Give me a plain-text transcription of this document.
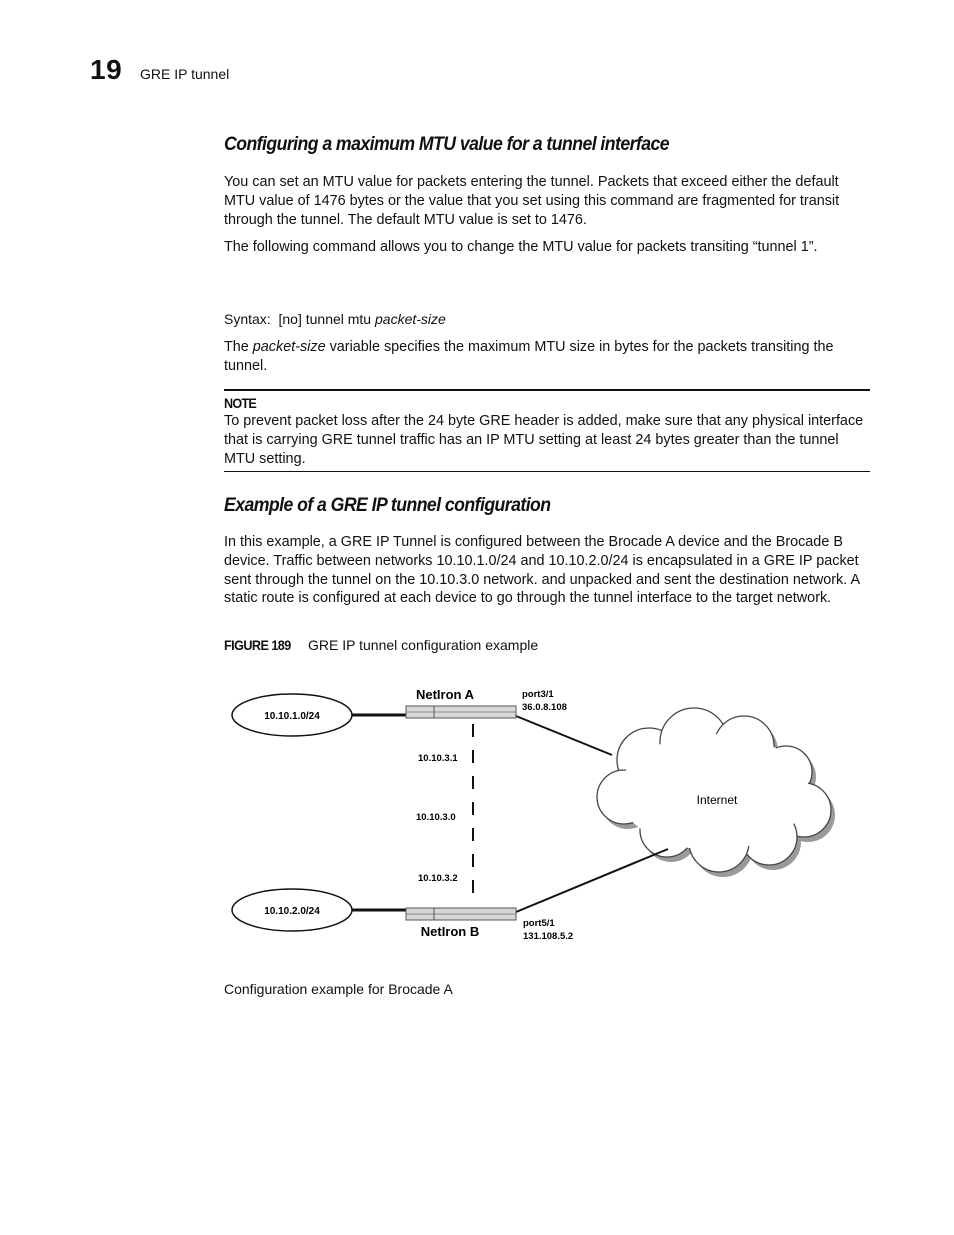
19 GRE IP tunnel
Configuring a maximum MTU value for a tunnel interface

You can set an MTU value for packets entering the tunnel. Packets that exceed either the default MTU value of 1476 bytes or the value that you set using this command are fragmented for transit through the tunnel. The default MTU value is set to 1476.

The following command allows you to change the MTU value for packets transiting “tunnel 1”.

Syntax: [no] tunnel mtu packet-size

The packet-size variable specifies the maximum MTU size in bytes for the packets transiting the tunnel.

NOTE

To prevent packet loss after the 24 byte GRE header is added, make sure that any physical interface that is carrying GRE tunnel traffic has an IP MTU setting at least 24 bytes greater than the tunnel MTU setting.

Example of a GRE IP tunnel configuration

In this example, a GRE IP Tunnel is configured between the Brocade A device and the Brocade B device. Traffic between networks 10.10.1.0/24 and 10.10.2.0/24 is encapsulated in a GRE IP packet sent through the tunnel on the 10.10.3.0 network. and unpacked and sent the destination network. A static route is configured at each device to go through the tunnel interface to the target network.

FIGURE 189 GRE IP tunnel configuration example
Internet
10.10.1.0/24
NetIron A	port3/1
36.0.8.108
10.10.3.1
10.10.3.0
10.10.3.2
10.10.2.0/24
NetIron B
port5/1
131.108.5.2
Configuration example for Brocade A
